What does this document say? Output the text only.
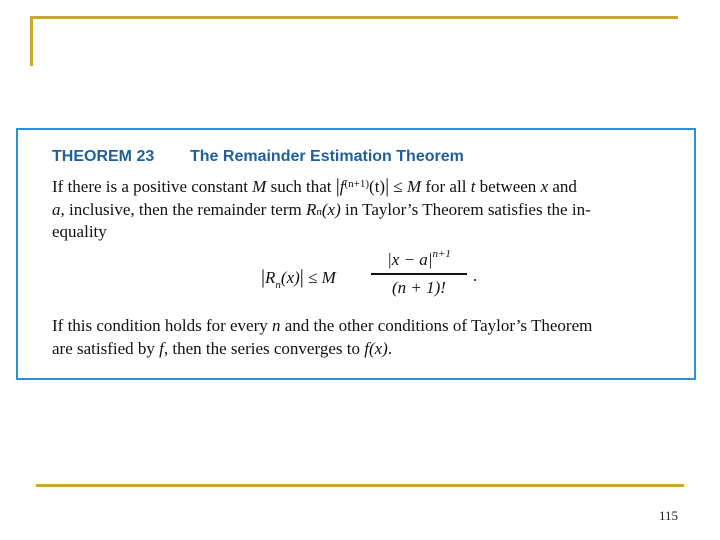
THEOREM 23 The Remainder Estimation Theorem
If there is a positive constant M such that $|f^{(n+1)}(t)| \le M$ for all t between x and
a, inclusive, then the remainder term $R_n(x)$ in Taylor’s Theorem satisfies the in-
equality
$|R_n(x)| \le M$
$|x - a|^{n+1}$
(n + 1)!
.
If this condition holds for every n and the other conditions of Taylor’s Theorem
are satisfied by f, then the series converges to f(x).
115
